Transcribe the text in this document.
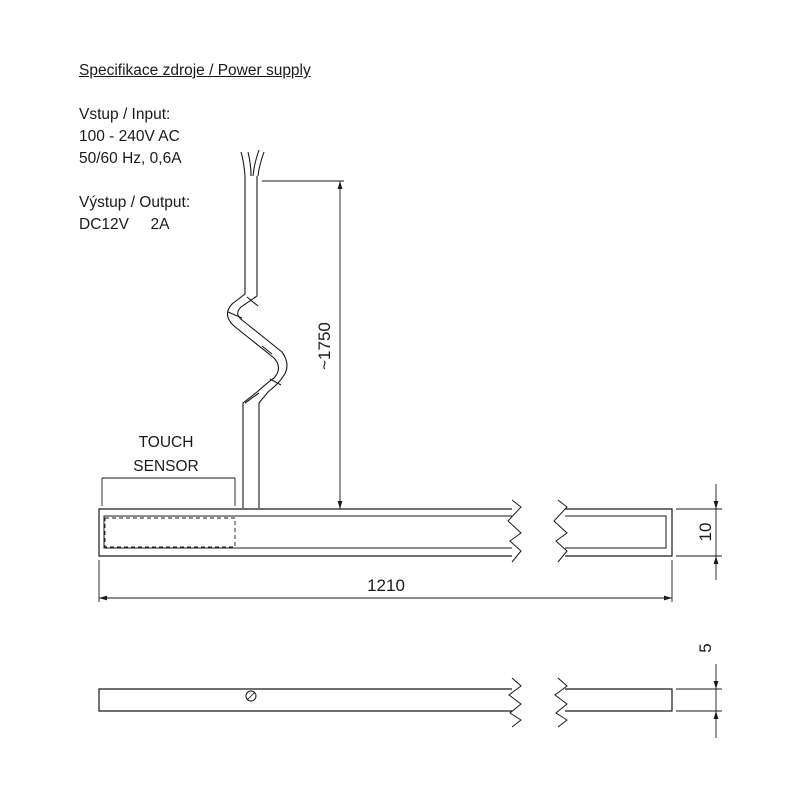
Specifikace zdroje / Power supply
Vstup / Input:
100 - 240V AC
50/60 Hz, 0,6A
Výstup / Output:
DC12V     2A
~1750
TOUCH
SENSOR
1210
10
5
